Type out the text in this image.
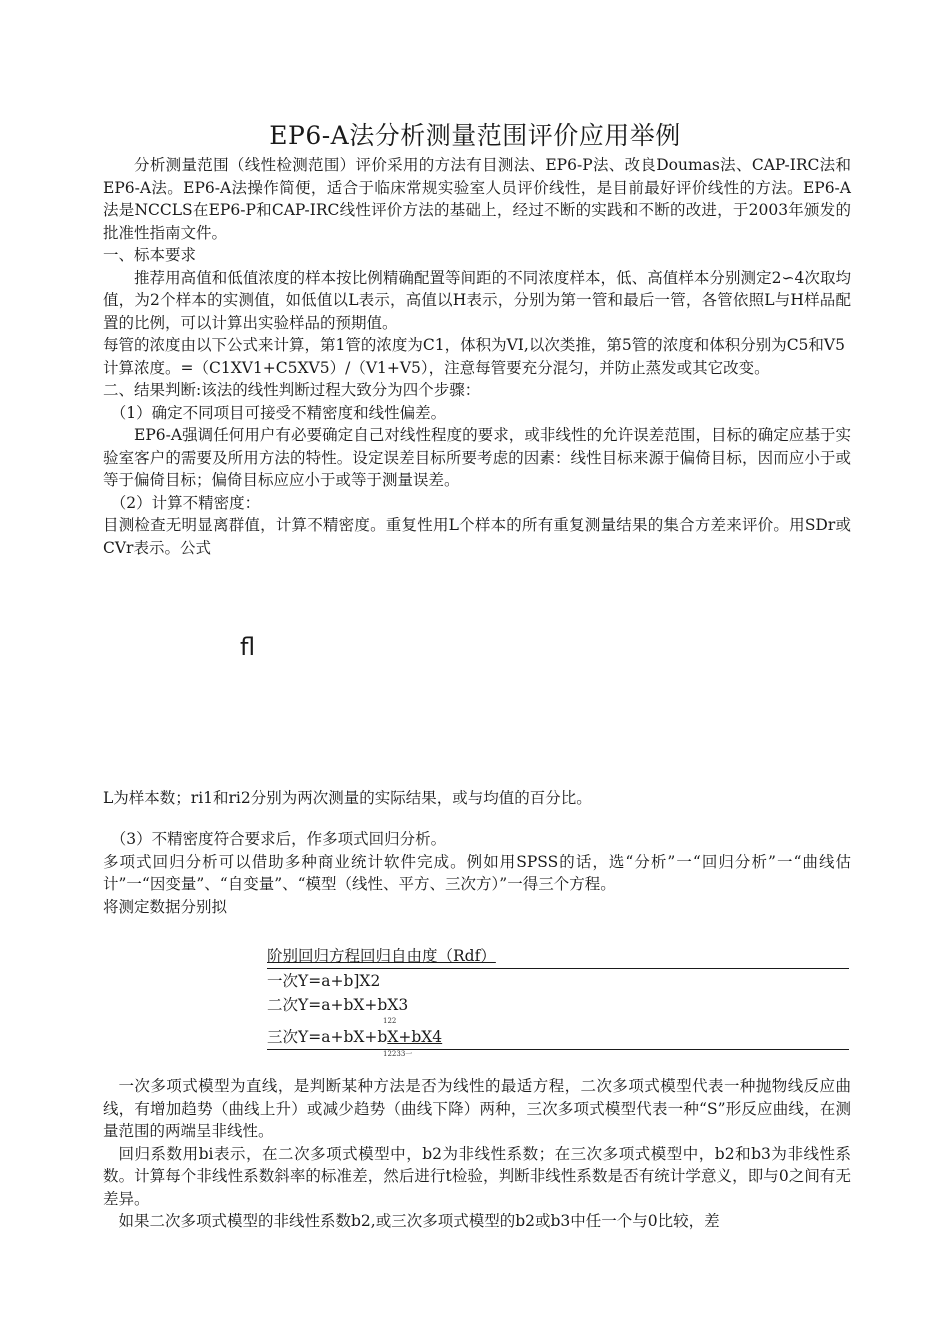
EP6-A法分析测量范围评价应用举例

分析测量范围（线性检测范围）评价采用的方法有目测法、EP6-P法、改良Doumas法、CAP-IRC法和EP6-A法。EP6-A法操作简便，适合于临床常规实验室人员评价线性，是目前最好评价线性的方法。EP6-A法是NCCLS在EP6-P和CAP-IRC线性评价方法的基础上，经过不断的实践和不断的改进，于2003年颁发的批准性指南文件。

一、标本要求

推荐用高值和低值浓度的样本按比例精确配置等间距的不同浓度样本，低、高值样本分别测定2∽4次取均值，为2个样本的实测值，如低值以L表示，高值以H表示，分别为第一管和最后一管，各管依照L与H样品配置的比例，可以计算出实验样品的预期值。

每管的浓度由以下公式来计算，第1管的浓度为C1，体积为VI,以次类推，第5管的浓度和体积分别为C5和V5

计算浓度。=（C1XV1+C5XV5）/（V1+V5），注意每管要充分混匀，并防止蒸发或其它改变。

二、结果判断:该法的线性判断过程大致分为四个步骤：

（1）确定不同项目可接受不精密度和线性偏差。

EP6-A强调任何用户有必要确定自己对线性程度的要求，或非线性的允许误差范围，目标的确定应基于实验室客户的需要及所用方法的特性。设定误差目标所要考虑的因素：线性目标来源于偏倚目标，因而应小于或等于偏倚目标；偏倚目标应应小于或等于测量误差。

（2）计算不精密度：

目测检查无明显离群值，计算不精密度。重复性用L个样本的所有重复测量结果的集合方差来评价。用SDr或CVr表示。公式

ﬂ

L为样本数；ri1和ri2分别为两次测量的实际结果，或与均值的百分比。

（3）不精密度符合要求后，作多项式回归分析。

多项式回归分析可以借助多种商业统计软件完成。例如用SPSS的话，选“分析”一“回归分析”一“曲线估计”一“因变量”、“自变量”、“模型（线性、平方、三次方）”一得三个方程。

将测定数据分别拟

阶别回归方程回归自由度（Rdf）
一次Y=a+b]X2
二次Y=a+bX+bX3
122
三次Y=a+bX+bX+bX4
12233一

一次多项式模型为直线，是判断某种方法是否为线性的最适方程，二次多项式模型代表一种抛物线反应曲线，有增加趋势（曲线上升）或减少趋势（曲线下降）两种，三次多项式模型代表一种“S”形反应曲线，在测量范围的两端呈非线性。

回归系数用bi表示，在二次多项式模型中，b2为非线性系数；在三次多项式模型中，b2和b3为非线性系数。计算每个非线性系数斜率的标准差，然后进行t检验，判断非线性系数是否有统计学意义，即与0之间有无差异。

如果二次多项式模型的非线性系数b2,或三次多项式模型的b2或b3中任一个与0比较，差
